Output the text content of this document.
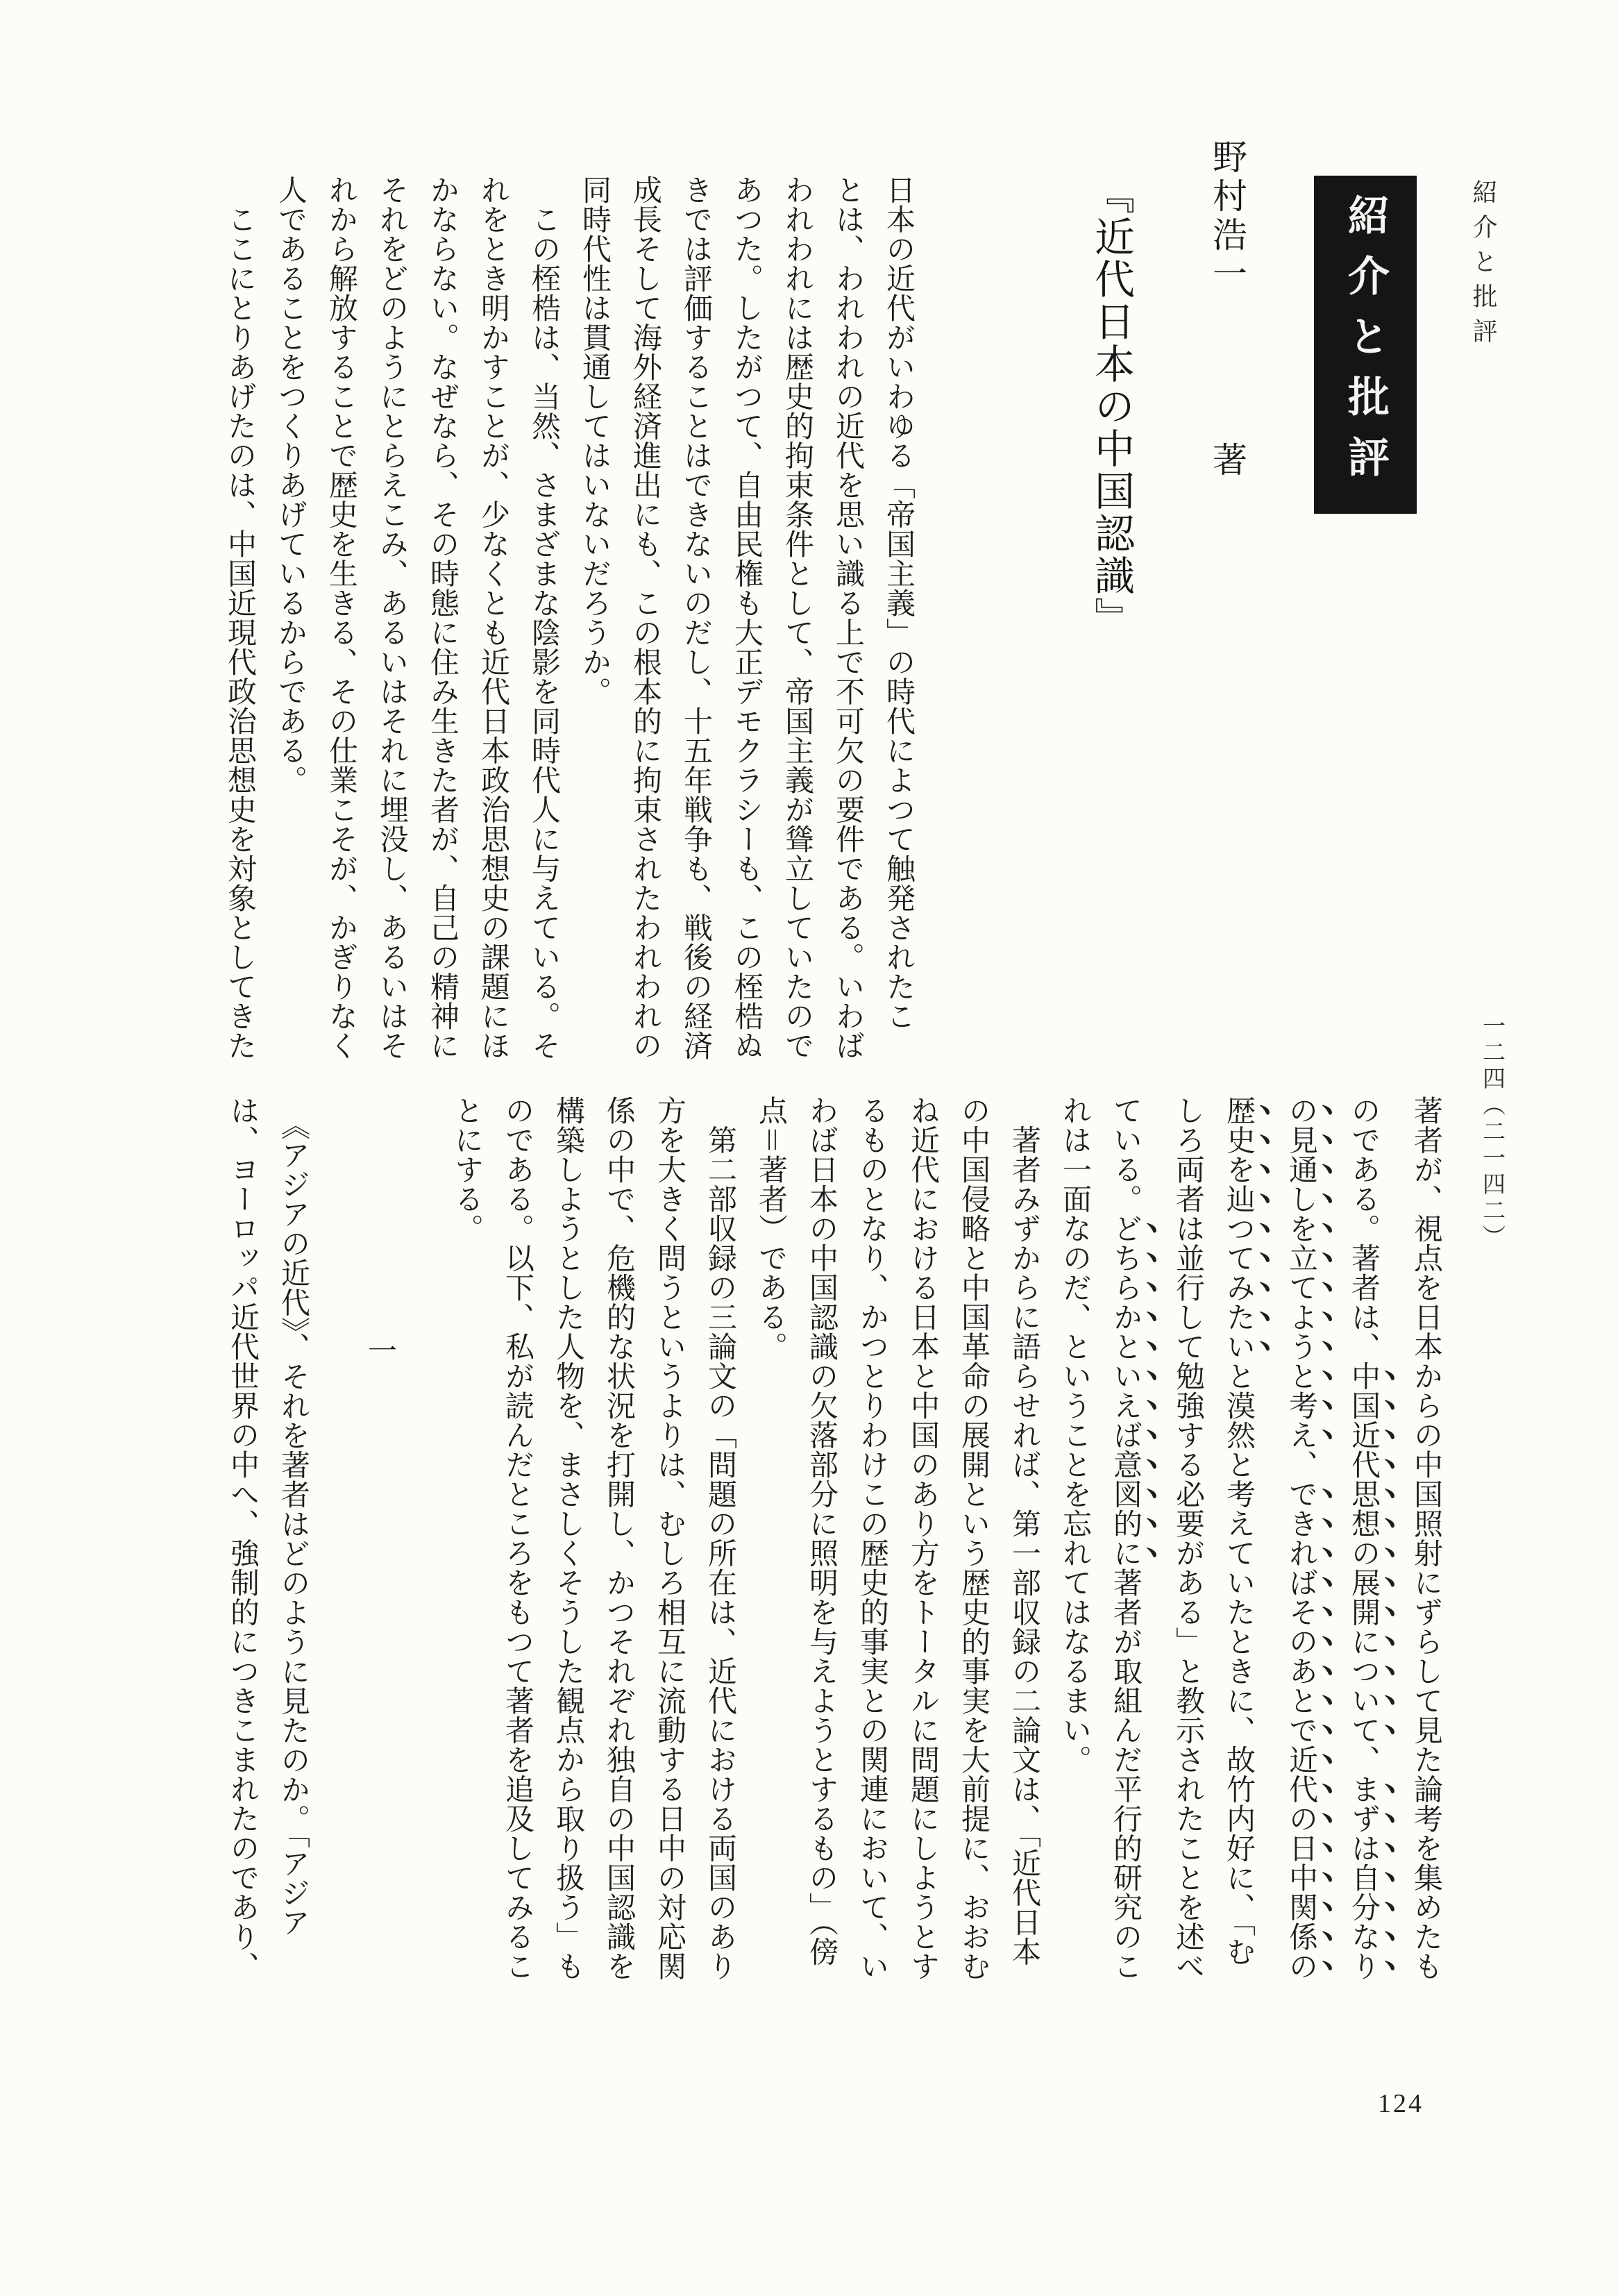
紹介と批評
紹介と批評
野村浩一著
『近代日本の中国認識』
日本の近代がいわゆる「帝国主義」の時代によつて触発されたこ
とは、われわれの近代を思い識る上で不可欠の要件である。いわば
われわれには歴史的拘束条件として、帝国主義が聳立していたので
あつた。したがつて、自由民権も大正デモクラシーも、この桎梏ぬ
きでは評価することはできないのだし、十五年戦争も、戦後の経済
成長そして海外経済進出にも、この根本的に拘束されたわれわれの
同時代性は貫通してはいないだろうか。
　この桎梏は、当然、さまざまな陰影を同時代人に与えている。そ
れをとき明かすことが、少なくとも近代日本政治思想史の課題にほ
かならない。なぜなら、その時態に住み生きた者が、自己の精神に
それをどのようにとらえこみ、あるいはそれに埋没し、あるいはそ
れから解放することで歴史を生きる、その仕業こそが、かぎりなく
人であることをつくりあげているからである。
　ここにとりあげたのは、中国近現代政治思想史を対象としてきた
一二四（二一四二）
著者が、視点を日本からの中国照射にずらして見た論考を集めたも
のである。著者は、中国近代思想の展開について、まずは自分なり
の見通しを立てようと考え、できればそのあとで近代の日中関係の
歴史を辿つてみたいと漠然と考えていたときに、故竹内好に、「む
しろ両者は並行して勉強する必要がある」と教示されたことを述べ
ている。どちらかといえば意図的に著者が取組んだ平行的研究のこ
れは一面なのだ、ということを忘れてはなるまい。
　著者みずからに語らせれば、第一部収録の二論文は、「近代日本
の中国侵略と中国革命の展開という歴史的事実を大前提に、おおむ
ね近代における日本と中国のあり方をトータルに問題にしようとす
るものとなり、かつとりわけこの歴史的事実との関連において、い
わば日本の中国認識の欠落部分に照明を与えようとするもの」（傍
点＝著者）である。
　第二部収録の三論文の「問題の所在は、近代における両国のあり
方を大きく問うというよりは、むしろ相互に流動する日中の対応関
係の中で、危機的な状況を打開し、かつそれぞれ独自の中国認識を
構築しようとした人物を、まさしくそうした観点から取り扱う」も
のである。以下、私が読んだところをもつて著者を追及してみるこ
とにする。
一
　《アジアの近代》、それを著者はどのように見たのか。「アジア
は、ヨーロッパ近代世界の中へ、強制的につきこまれたのであり、
124
